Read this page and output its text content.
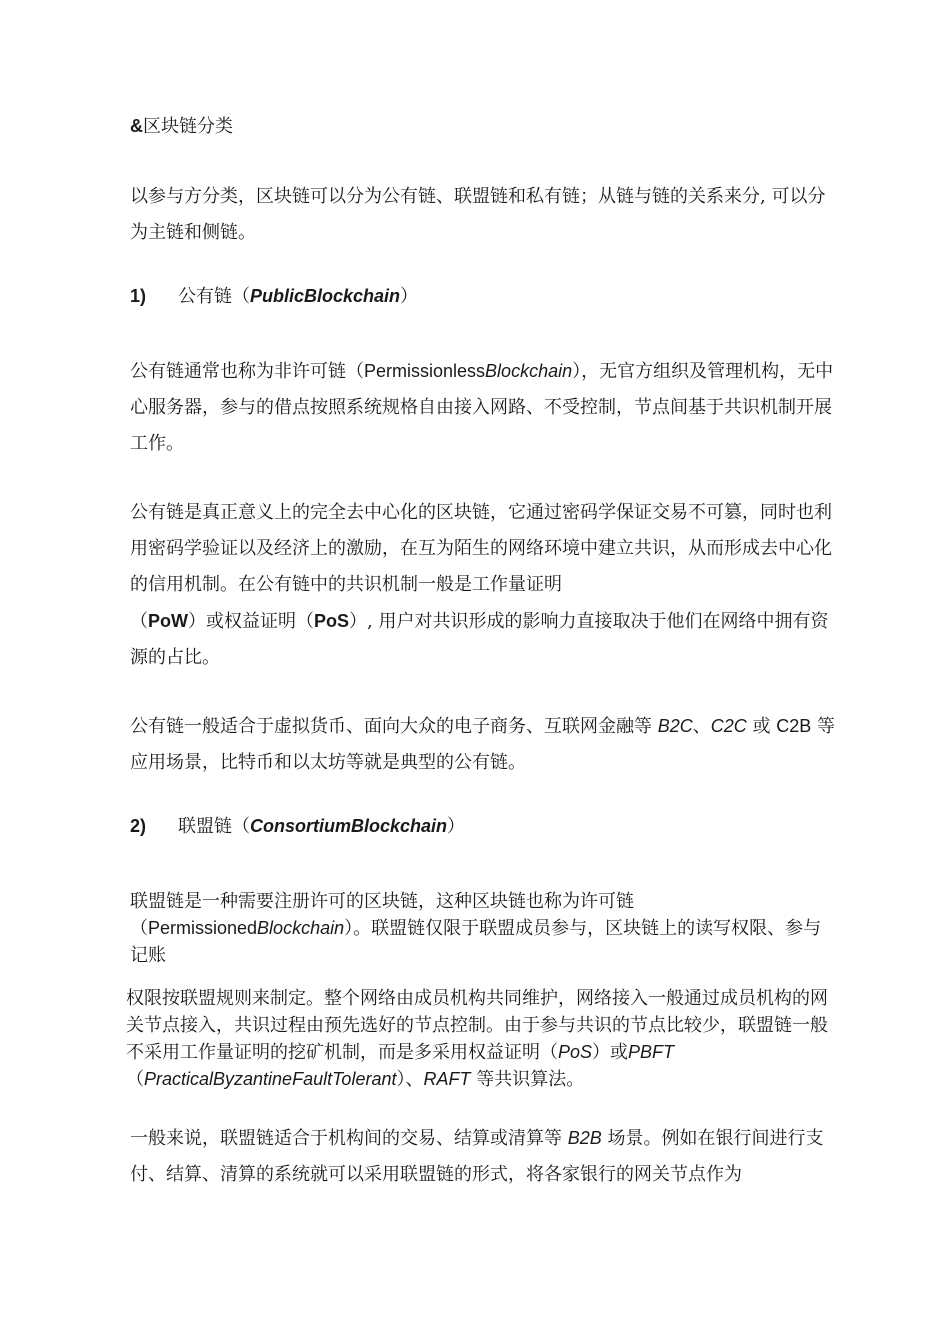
&区块链分类

以参与方分类，区块链可以分为公有链、联盟链和私有链；从链与链的关系来分, 可以分为主链和侧链。

1) 公有链（PublicBlockchain）

公有链通常也称为非许可链（PermissionlessBlockchain），无官方组织及管理机构，无中心服务器，参与的借点按照系统规格自由接入网路、不受控制，节点间基于共识机制开展工作。

公有链是真正意义上的完全去中心化的区块链，它通过密码学保证交易不可篡，同时也利用密码学验证以及经济上的激励，在互为陌生的网络环境中建立共识，从而形成去中心化的信用机制。在公有链中的共识机制一般是工作量证明
（PoW）或权益证明（PoS）, 用户对共识形成的影响力直接取决于他们在网络中拥有资源的占比。

公有链一般适合于虚拟货币、面向大众的电子商务、互联网金融等 B2C、C2C 或 C2B 等应用场景，比特币和以太坊等就是典型的公有链。

2) 联盟链（ConsortiumBlockchain）

联盟链是一种需要注册许可的区块链，这种区块链也称为许可链
（PermissionedBlockchain）。联盟链仅限于联盟成员参与，区块链上的读写权限、参与记账

权限按联盟规则来制定。整个网络由成员机构共同维护，网络接入一般通过成员机构的网关节点接入，共识过程由预先选好的节点控制。由于参与共识的节点比较少，联盟链一般不采用工作量证明的挖矿机制，而是多采用权益证明（PoS）或PBFT（PracticalByzantineFaultTolerant）、RAFT 等共识算法。

一般来说，联盟链适合于机构间的交易、结算或清算等 B2B 场景。例如在银行间进行支付、结算、清算的系统就可以采用联盟链的形式，将各家银行的网关节点作为
